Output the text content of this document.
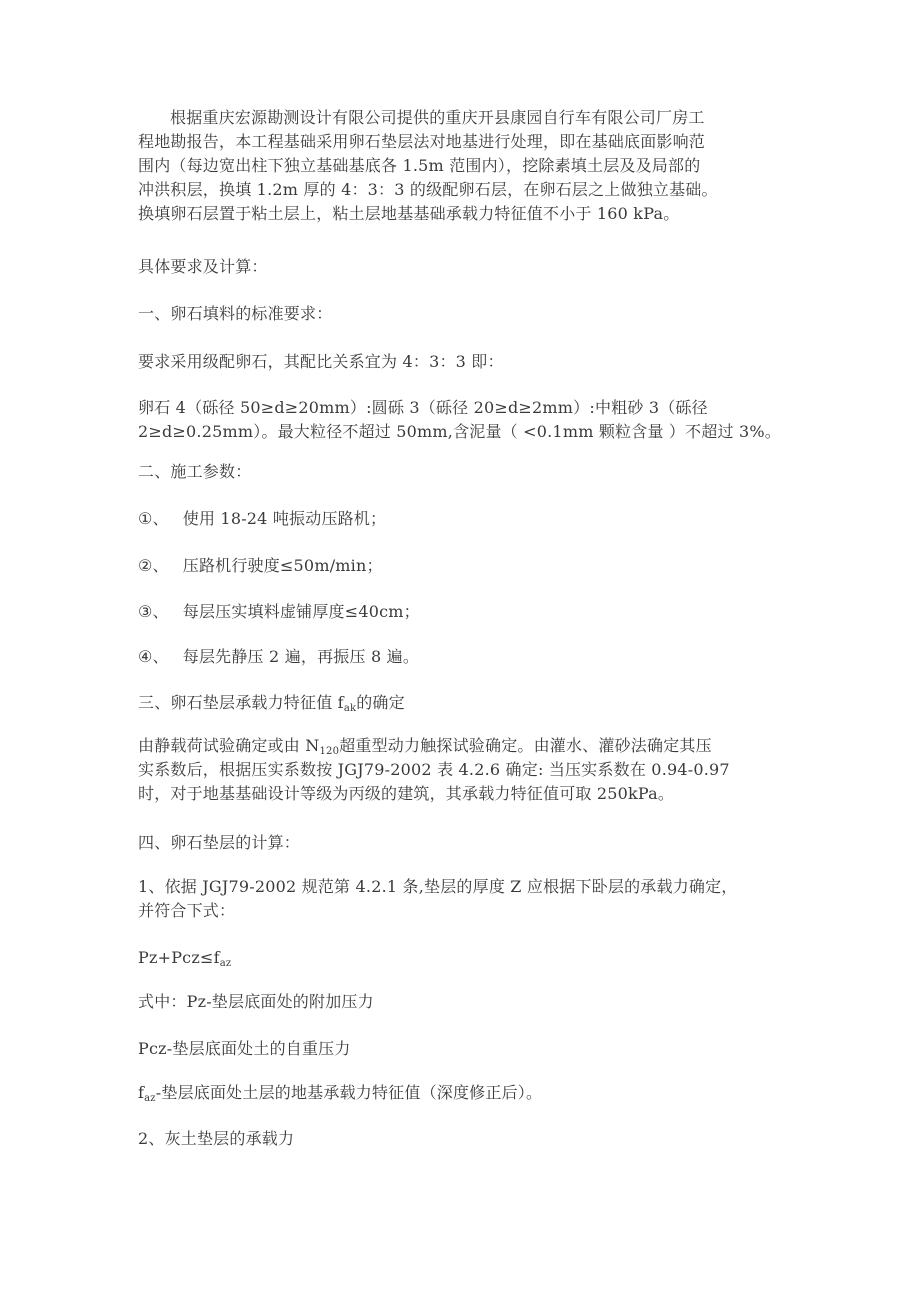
根据重庆宏源勘测设计有限公司提供的重庆开县康园自行车有限公司厂房工
程地勘报告，本工程基础采用卵石垫层法对地基进行处理，即在基础底面影响范
围内（每边宽出柱下独立基础基底各 1.5m 范围内），挖除素填土层及及局部的
冲洪积层，换填 1.2m 厚的 4：3：3 的级配卵石层，在卵石层之上做独立基础。
换填卵石层置于粘土层上，粘土层地基基础承载力特征值不小于 160 kPa。
具体要求及计算：
一、卵石填料的标准要求：
要求采用级配卵石，其配比关系宜为 4：3：3 即：
卵石 4（砾径 50≥d≥20mm）:圆砾 3（砾径 20≥d≥2mm）:中粗砂 3（砾径
2≥d≥0.25mm）。最大粒径不超过 50mm,含泥量（ <0.1mm 颗粒含量 ）不超过 3%。
二、施工参数：
①、 使用 18-24 吨振动压路机；
②、 压路机行驶度≤50m/min；
③、 每层压实填料虚铺厚度≤40cm；
④、 每层先静压 2 遍，再振压 8 遍。
三、卵石垫层承载力特征值 $f_{ak}$的确定
由静载荷试验确定或由 $N_{120}$超重型动力触探试验确定。由灌水、灌砂法确定其压
实系数后，根据压实系数按 JGJ79-2002 表 4.2.6 确定: 当压实系数在 0.94-0.97
时，对于地基基础设计等级为丙级的建筑，其承载力特征值可取 250kPa。
四、卵石垫层的计算：
1、依据 JGJ79-2002 规范第 4.2.1 条,垫层的厚度 Z 应根据下卧层的承载力确定，
并符合下式：
$Pz+Pcz\le f_{az}$
式中：Pz-垫层底面处的附加压力
Pcz-垫层底面处土的自重压力
$f_{az}-$垫层底面处土层的地基承载力特征值（深度修正后）。
2、灰土垫层的承载力
